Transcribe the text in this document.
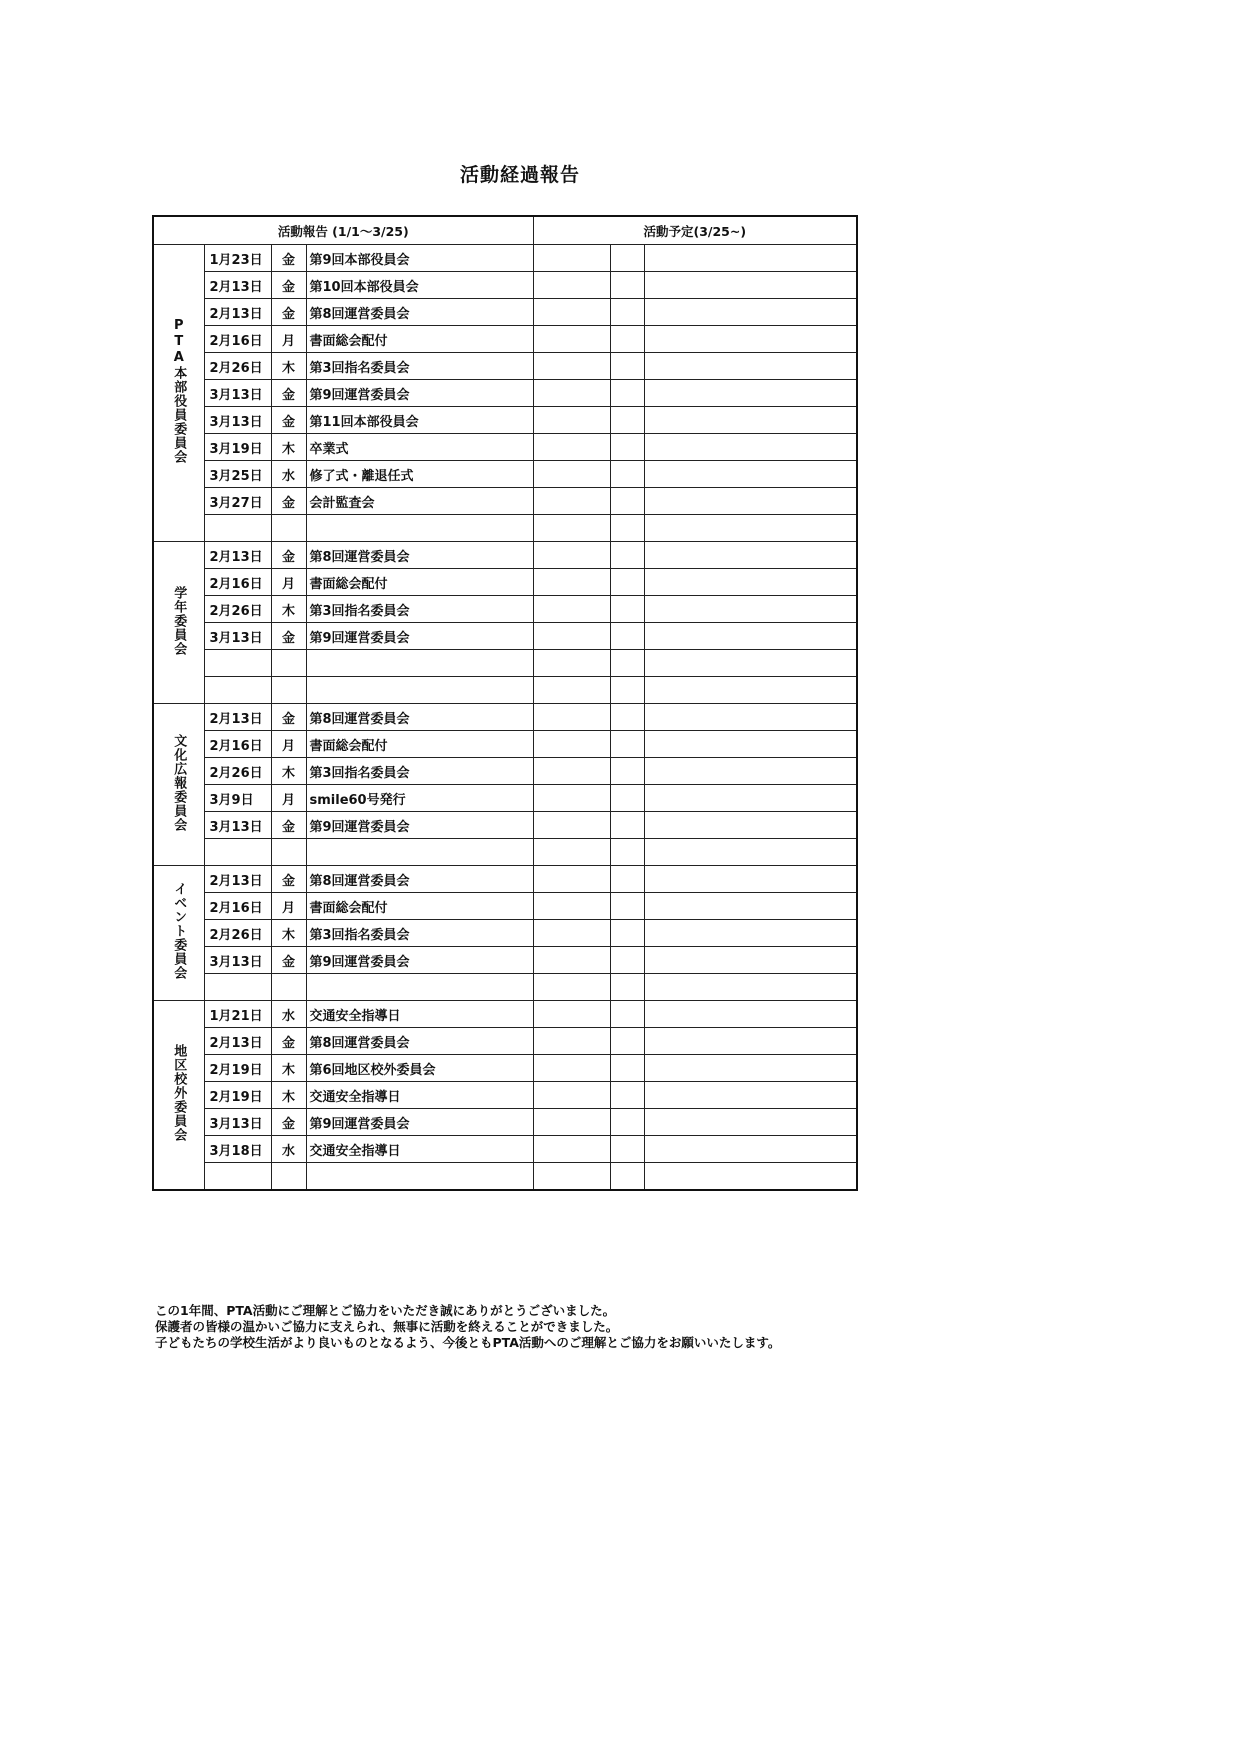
活動経過報告
活動報告 (1/1～3/25)				活動予定(3/25~)		
PTA本部役員委員会	1月23日	金	第9回本部役員会			
	2月13日	金	第10回本部役員会			
	2月13日	金	第8回運営委員会			
	2月16日	月	書面総会配付			
	2月26日	木	第3回指名委員会			
	3月13日	金	第9回運営委員会			
	3月13日	金	第11回本部役員会			
	3月19日	木	卒業式			
	3月25日	水	修了式・離退任式			
	3月27日	金	会計監査会			

学年委員会	2月13日	金	第8回運営委員会			
	2月16日	月	書面総会配付			
	2月26日	木	第3回指名委員会			
	3月13日	金	第9回運営委員会			

文化広報委員会	2月13日	金	第8回運営委員会			
	2月16日	月	書面総会配付			
	2月26日	木	第3回指名委員会			
	3月9日	月	smile60号発行			
	3月13日	金	第9回運営委員会			

イベント委員会	2月13日	金	第8回運営委員会			
	2月16日	月	書面総会配付			
	2月26日	木	第3回指名委員会			
	3月13日	金	第9回運営委員会			

地区校外委員会	1月21日	水	交通安全指導日			
	2月13日	金	第8回運営委員会			
	2月19日	木	第6回地区校外委員会			
	2月19日	木	交通安全指導日			
	3月13日	金	第9回運営委員会			
	3月18日	水	交通安全指導日			

この1年間、PTA活動にご理解とご協力をいただき誠にありがとうございました。
保護者の皆様の温かいご協力に支えられ、無事に活動を終えることができました。
子どもたちの学校生活がより良いものとなるよう、今後ともPTA活動へのご理解とご協力をお願いいたします。
